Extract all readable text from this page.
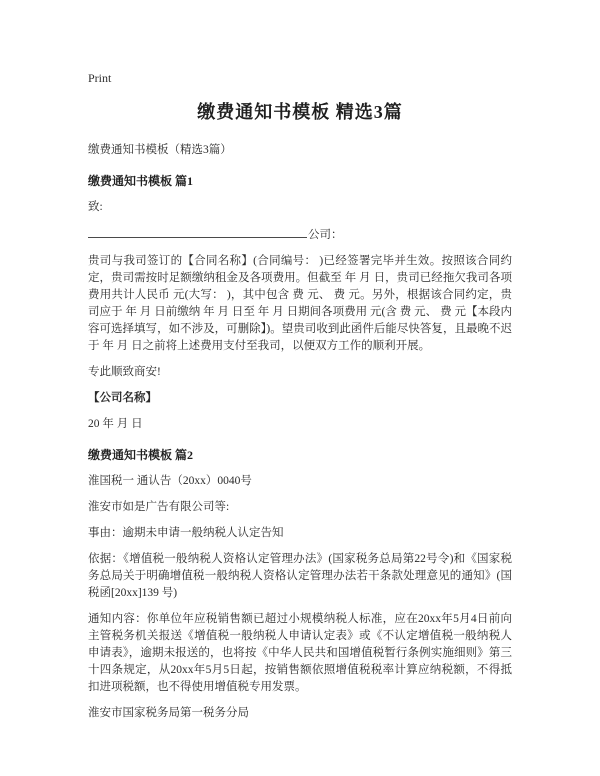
Print
缴费通知书模板 精选3篇

缴费通知书模板（精选3篇）

缴费通知书模板 篇1

致:

公司：

贵司与我司签订的【合同名称】(合同编号： )已经签署完毕并生效。按照该合同约定，贵司需按时足额缴纳租金及各项费用。但截至 年 月 日，贵司已经拖欠我司各项费用共计人民币 元(大写： )，其中包含 费 元、 费 元。另外，根据该合同约定，贵司应于 年 月 日前缴纳 年 月 日至 年 月 日期间各项费用 元(含 费 元、 费 元【本段内容可选择填写，如不涉及，可删除】)。望贵司收到此函件后能尽快答复，且最晚不迟于 年 月 日之前将上述费用支付至我司，以便双方工作的顺利开展。

专此顺致商安!

【公司名称】

20 年 月 日

缴费通知书模板 篇2

淮国税一 通认告（20xx）0040号

淮安市如是广告有限公司等:

事由：逾期未申请一般纳税人认定告知

依据：《增值税一般纳税人资格认定管理办法》(国家税务总局第22号令)和《国家税务总局关于明确增值税一般纳税人资格认定管理办法若干条款处理意见的通知》(国税函[20xx]139 号)

通知内容：你单位年应税销售额已超过小规模纳税人标准，应在20xx年5月4日前向主管税务机关报送《增值税一般纳税人申请认定表》或《不认定增值税一般纳税人申请表》，逾期未报送的，也将按《中华人民共和国增值税暂行条例实施细则》第三十四条规定，从20xx年5月5日起，按销售额依照增值税税率计算应纳税额，不得抵扣进项税额，也不得使用增值税专用发票。

淮安市国家税务局第一税务分局
